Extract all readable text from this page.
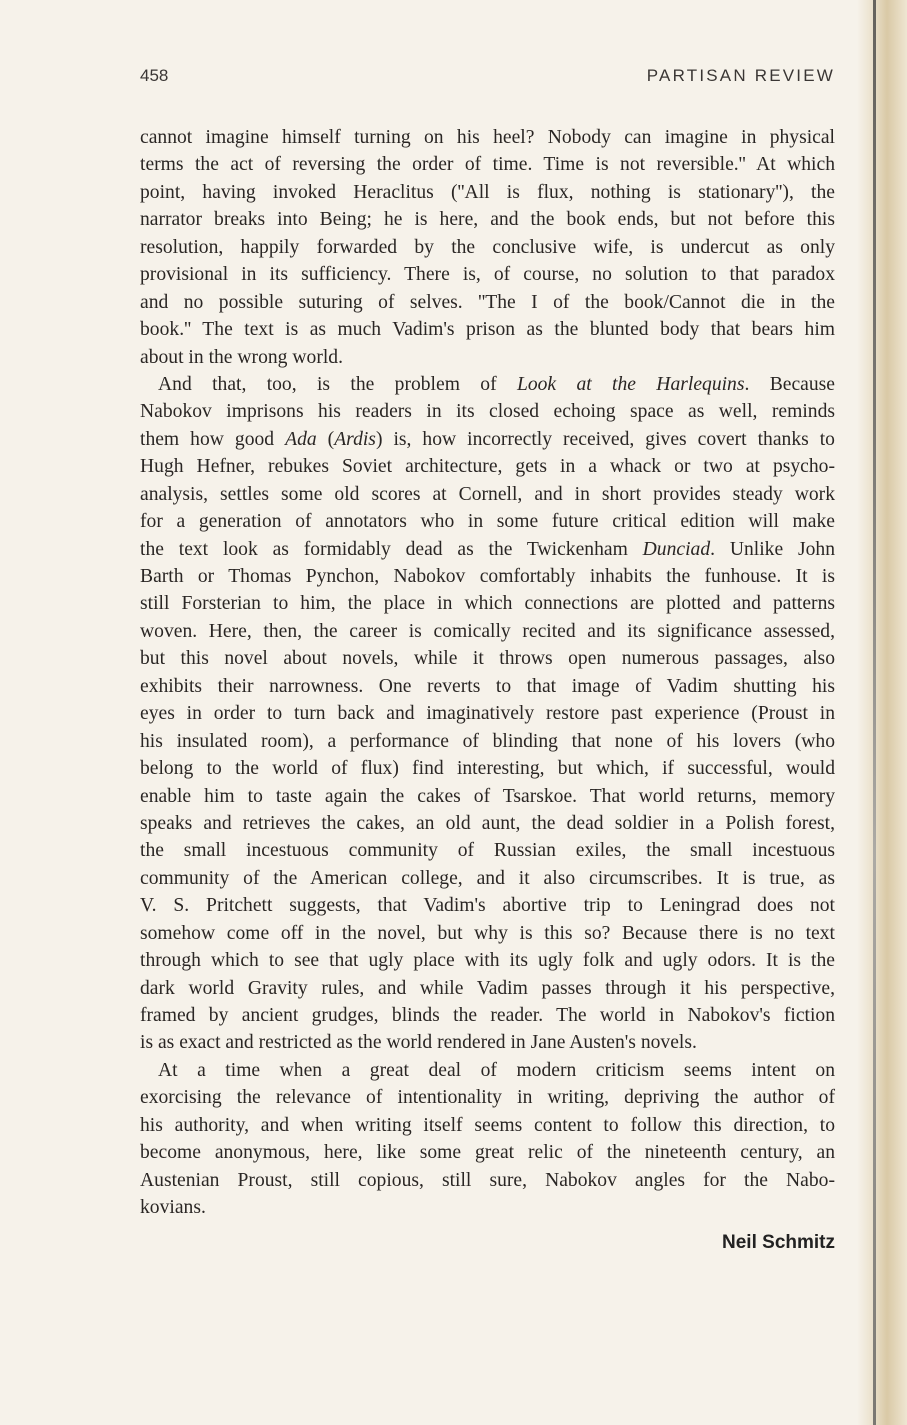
458	PARTISAN REVIEW
cannot imagine himself turning on his heel? Nobody can imagine in physical
terms the act of reversing the order of time. Time is not reversible.'' At which
point, having invoked Heraclitus (''All is flux, nothing is stationary''), the
narrator breaks into Being; he is here, and the book ends, but not before this
resolution, happily forwarded by the conclusive wife, is undercut as only
provisional in its sufficiency. There is, of course, no solution to that paradox
and no possible suturing of selves. ''The I of the book/Cannot die in the
book.'' The text is as much Vadim's prison as the blunted body that bears him
about in the wrong world.
And that, too, is the problem of Look at the Harlequins. Because
Nabokov imprisons his readers in its closed echoing space as well, reminds
them how good Ada (Ardis) is, how incorrectly received, gives covert thanks to
Hugh Hefner, rebukes Soviet architecture, gets in a whack or two at psycho-
analysis, settles some old scores at Cornell, and in short provides steady work
for a generation of annotators who in some future critical edition will make
the text look as formidably dead as the Twickenham Dunciad. Unlike John
Barth or Thomas Pynchon, Nabokov comfortably inhabits the funhouse. It is
still Forsterian to him, the place in which connections are plotted and patterns
woven. Here, then, the career is comically recited and its significance assessed,
but this novel about novels, while it throws open numerous passages, also
exhibits their narrowness. One reverts to that image of Vadim shutting his
eyes in order to turn back and imaginatively restore past experience (Proust in
his insulated room), a performance of blinding that none of his lovers (who
belong to the world of flux) find interesting, but which, if successful, would
enable him to taste again the cakes of Tsarskoe. That world returns, memory
speaks and retrieves the cakes, an old aunt, the dead soldier in a Polish forest,
the small incestuous community of Russian exiles, the small incestuous
community of the American college, and it also circumscribes. It is true, as
V. S. Pritchett suggests, that Vadim's abortive trip to Leningrad does not
somehow come off in the novel, but why is this so? Because there is no text
through which to see that ugly place with its ugly folk and ugly odors. It is the
dark world Gravity rules, and while Vadim passes through it his perspective,
framed by ancient grudges, blinds the reader. The world in Nabokov's fiction
is as exact and restricted as the world rendered in Jane Austen's novels.
At a time when a great deal of modern criticism seems intent on
exorcising the relevance of intentionality in writing, depriving the author of
his authority, and when writing itself seems content to follow this direction, to
become anonymous, here, like some great relic of the nineteenth century, an
Austenian Proust, still copious, still sure, Nabokov angles for the Nabo-
kovians.
Neil Schmitz
